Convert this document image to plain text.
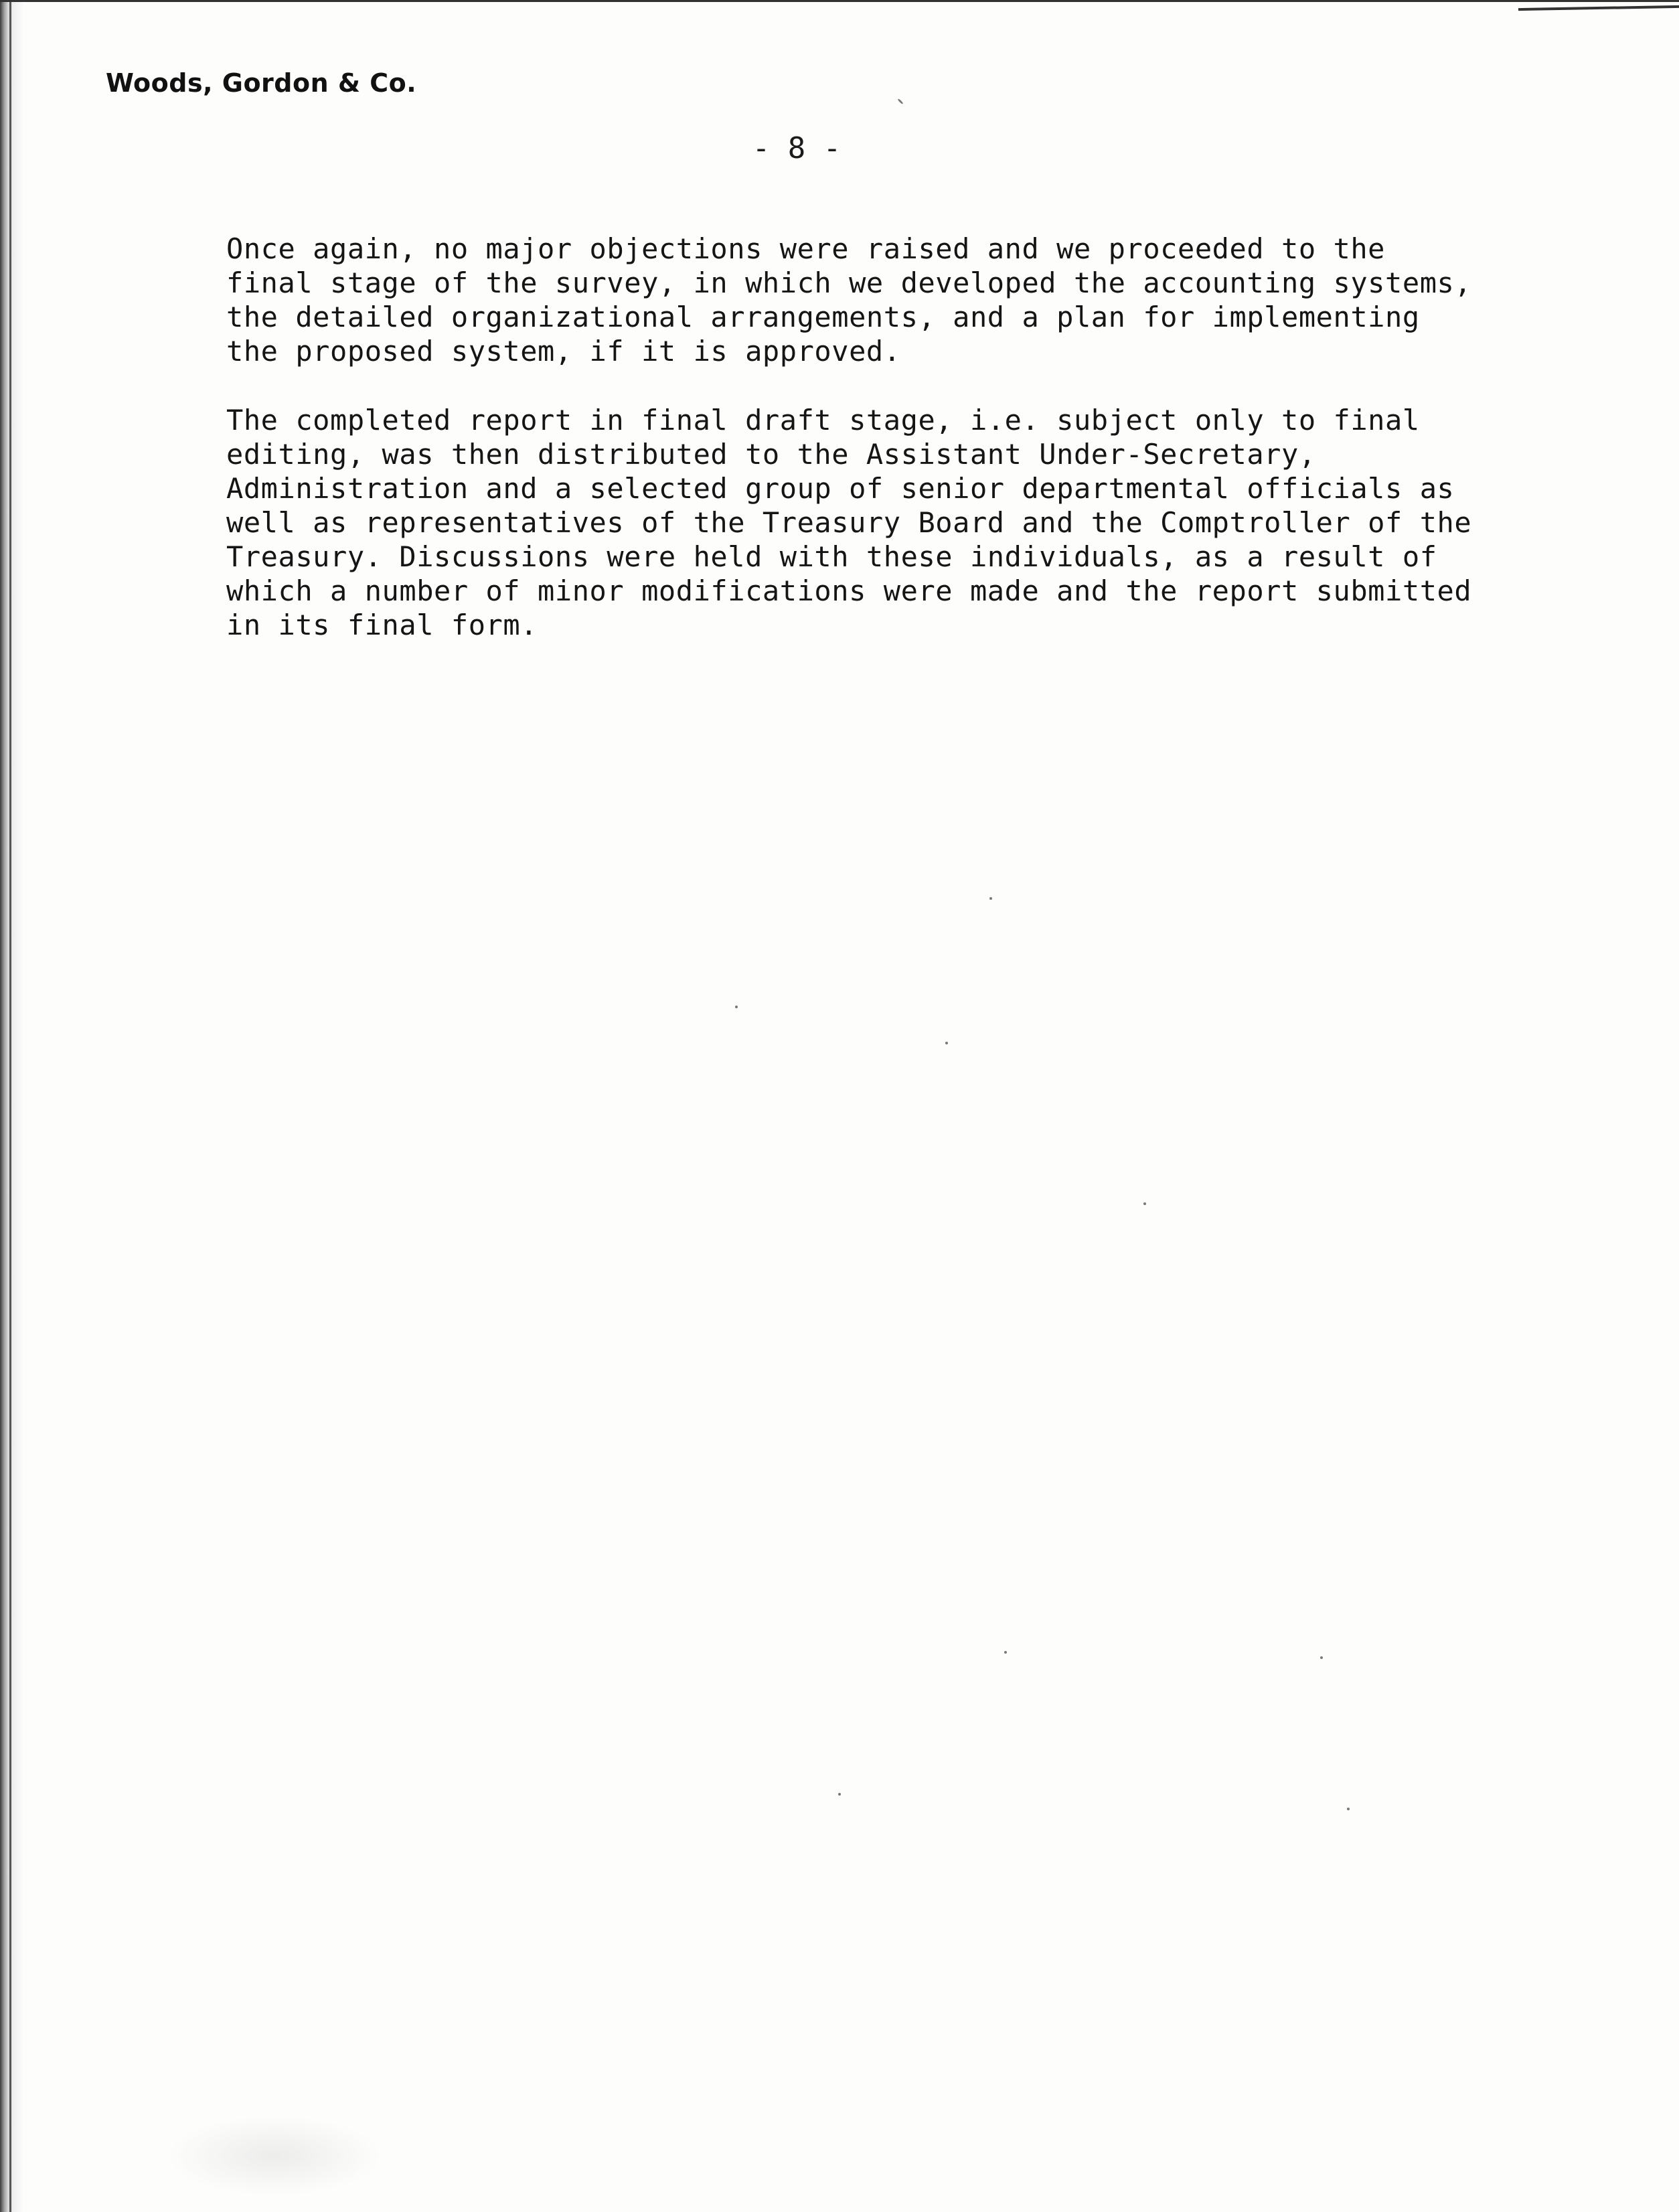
Woods, Gordon & Co.
- 8 -
Once again, no major objections were raised and we proceeded to the
final stage of the survey, in which we developed the accounting systems,
the detailed organizational arrangements, and a plan for implementing
the proposed system, if it is approved.
The completed report in final draft stage, i.e. subject only to final
editing, was then distributed to the Assistant Under-Secretary,
Administration and a selected group of senior departmental officials as
well as representatives of the Treasury Board and the Comptroller of the
Treasury. Discussions were held with these individuals, as a result of
which a number of minor modifications were made and the report submitted
in its final form.
